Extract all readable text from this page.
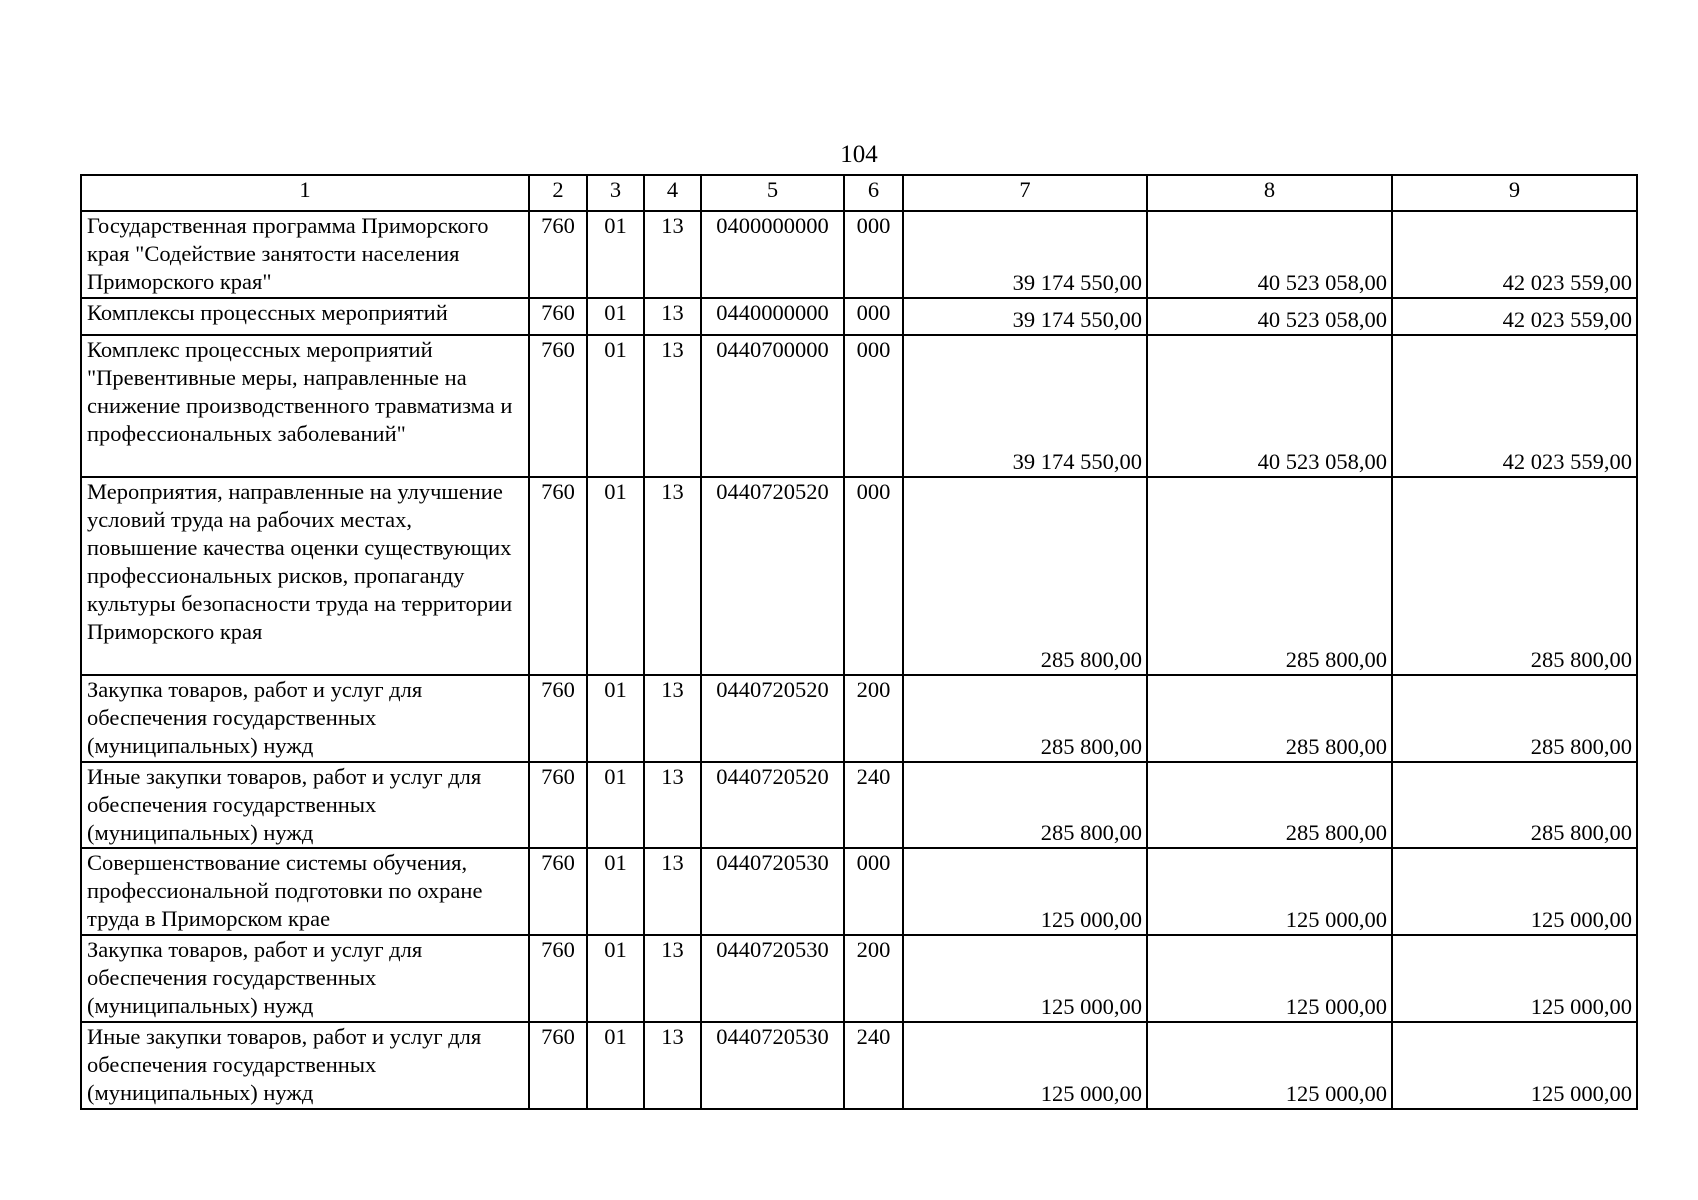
104
1	2	3	4	5	6	7	8	9
Государственная программа Приморского края "Содействие занятости населения Приморского края"	760	01	13	0400000000	000	39 174 550,00	40 523 058,00	42 023 559,00
Комплексы процессных мероприятий	760	01	13	0440000000	000	39 174 550,00	40 523 058,00	42 023 559,00
Комплекс процессных мероприятий "Превентивные меры, направленные на снижение производственного травматизма и профессиональных заболеваний"	760	01	13	0440700000	000	39 174 550,00	40 523 058,00	42 023 559,00
Мероприятия, направленные на улучшение условий труда на рабочих местах, повышение качества оценки существующих профессиональных рисков, пропаганду культуры безопасности труда на территории Приморского края	760	01	13	0440720520	000	285 800,00	285 800,00	285 800,00
Закупка товаров, работ и услуг для обеспечения государственных (муниципальных) нужд	760	01	13	0440720520	200	285 800,00	285 800,00	285 800,00
Иные закупки товаров, работ и услуг для обеспечения государственных (муниципальных) нужд	760	01	13	0440720520	240	285 800,00	285 800,00	285 800,00
Совершенствование системы обучения, профессиональной подготовки по охране труда в Приморском крае	760	01	13	0440720530	000	125 000,00	125 000,00	125 000,00
Закупка товаров, работ и услуг для обеспечения государственных (муниципальных) нужд	760	01	13	0440720530	200	125 000,00	125 000,00	125 000,00
Иные закупки товаров, работ и услуг для обеспечения государственных (муниципальных) нужд	760	01	13	0440720530	240	125 000,00	125 000,00	125 000,00
